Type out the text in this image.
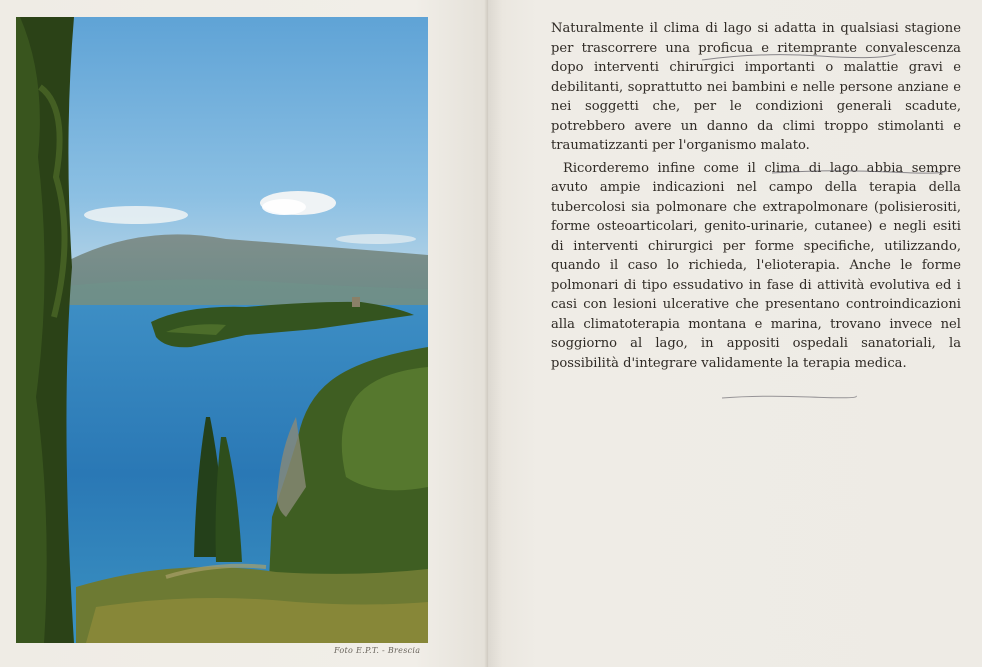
Foto E.P.T. - Brescia

Naturalmente il clima di lago si adatta in qualsiasi stagione per trascorrere una proficua e ritemprante convalescenza dopo interventi chirurgici importanti o malattie gravi e debilitanti, soprattutto nei bambini e nelle persone anziane e nei soggetti che, per le condizioni generali scadute, potrebbero avere un danno da climi troppo stimolanti e traumatizzanti per l'organismo malato.

Ricorderemo infine come il clima di lago abbia sempre avuto ampie indicazioni nel campo della terapia della tubercolosi sia polmonare che extrapolmonare (polisierositi, forme osteoarticolari, genito-urinarie, cutanee) e negli esiti di interventi chirurgici per forme specifiche, utilizzando, quando il caso lo richieda, l'elioterapia. Anche le forme polmonari di tipo essudativo in fase di attività evolutiva ed i casi con lesioni ulcerative che presentano controindicazioni alla climatoterapia montana e marina, trovano invece nel soggiorno al lago, in appositi ospedali sanatoriali, la possibilità d'integrare validamente la terapia medica.
